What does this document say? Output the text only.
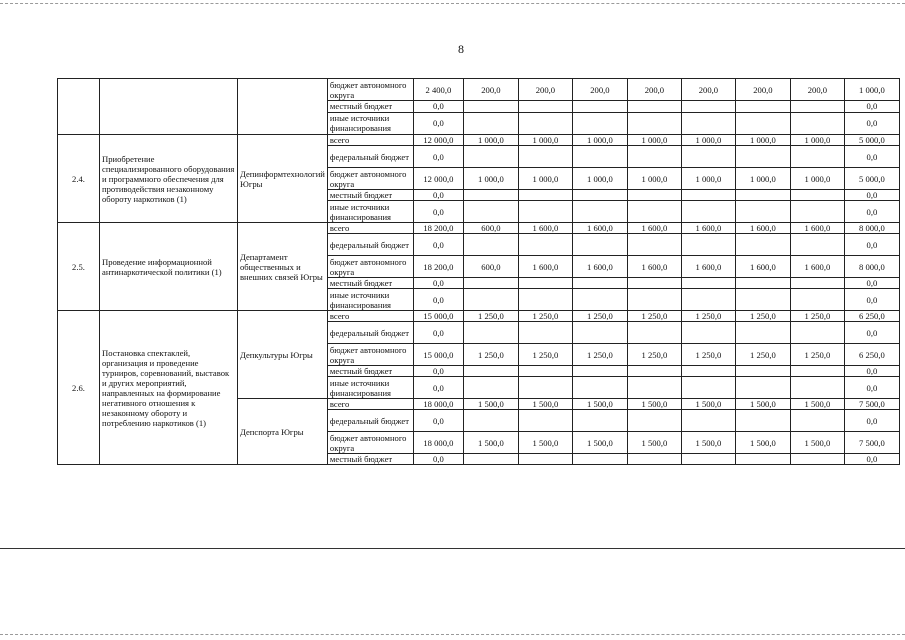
8
			бюджет автономного округа	2 400,0	200,0	200,0	200,0	200,0	200,0	200,0	200,0	1 000,0
			местный бюджет	0,0								0,0
			иные источники финансирования	0,0								0,0
2.4.	Приобретение специализированного оборудования и программного обеспечения для противодействия незаконному обороту наркотиков (1)	Депинформтехнологий Югры	всего	12 000,0	1 000,0	1 000,0	1 000,0	1 000,0	1 000,0	1 000,0	1 000,0	5 000,0
			федеральный бюджет	0,0								0,0
			бюджет автономного округа	12 000,0	1 000,0	1 000,0	1 000,0	1 000,0	1 000,0	1 000,0	1 000,0	5 000,0
			местный бюджет	0,0								0,0
			иные источники финансирования	0,0								0,0
2.5.	Проведение информационной антинаркотической политики (1)	Департамент общественных и внешних связей Югры	всего	18 200,0	600,0	1 600,0	1 600,0	1 600,0	1 600,0	1 600,0	1 600,0	8 000,0
			федеральный бюджет	0,0								0,0
			бюджет автономного округа	18 200,0	600,0	1 600,0	1 600,0	1 600,0	1 600,0	1 600,0	1 600,0	8 000,0
			местный бюджет	0,0								0,0
			иные источники финансирования	0,0								0,0
2.6.	Постановка спектаклей, организация и проведение турниров, соревнований, выставок и других мероприятий, направленных на формирование негативного отношения к незаконному обороту и потреблению наркотиков (1)	Депкультуры Югры	всего	15 000,0	1 250,0	1 250,0	1 250,0	1 250,0	1 250,0	1 250,0	1 250,0	6 250,0
			федеральный бюджет	0,0								0,0
			бюджет автономного округа	15 000,0	1 250,0	1 250,0	1 250,0	1 250,0	1 250,0	1 250,0	1 250,0	6 250,0
			местный бюджет	0,0								0,0
			иные источники финансирования	0,0								0,0
		Депспорта Югры	всего	18 000,0	1 500,0	1 500,0	1 500,0	1 500,0	1 500,0	1 500,0	1 500,0	7 500,0
			федеральный бюджет	0,0								0,0
			бюджет автономного округа	18 000,0	1 500,0	1 500,0	1 500,0	1 500,0	1 500,0	1 500,0	1 500,0	7 500,0
			местный бюджет	0,0								0,0
